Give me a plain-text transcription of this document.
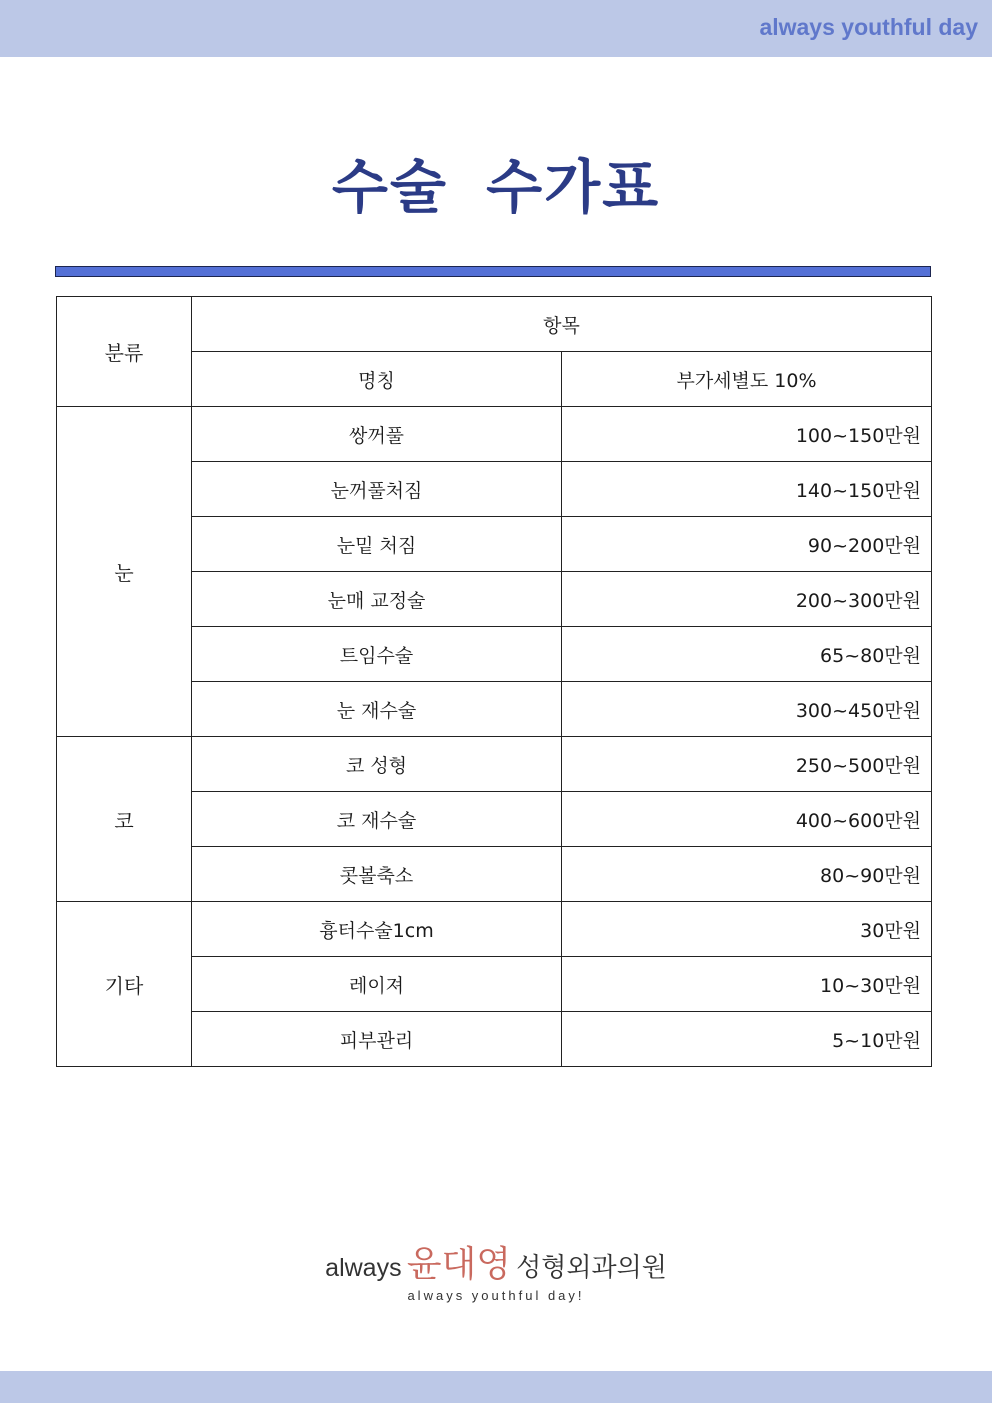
always youthful day
수술 수가표
분류	항목	
	명칭	부가세별도 10%
눈	쌍꺼풀	100~150만원
	눈꺼풀처짐	140~150만원
	눈밑 처짐	90~200만원
	눈매 교정술	200~300만원
	트임수술	65~80만원
	눈 재수술	300~450만원
코	코 성형	250~500만원
	코 재수술	400~600만원
	콧볼축소	80~90만원
기타	흉터수술1cm	30만원
	레이져	10~30만원
	피부관리	5~10만원
always 윤대영 성형외과의원
always youthful day!
